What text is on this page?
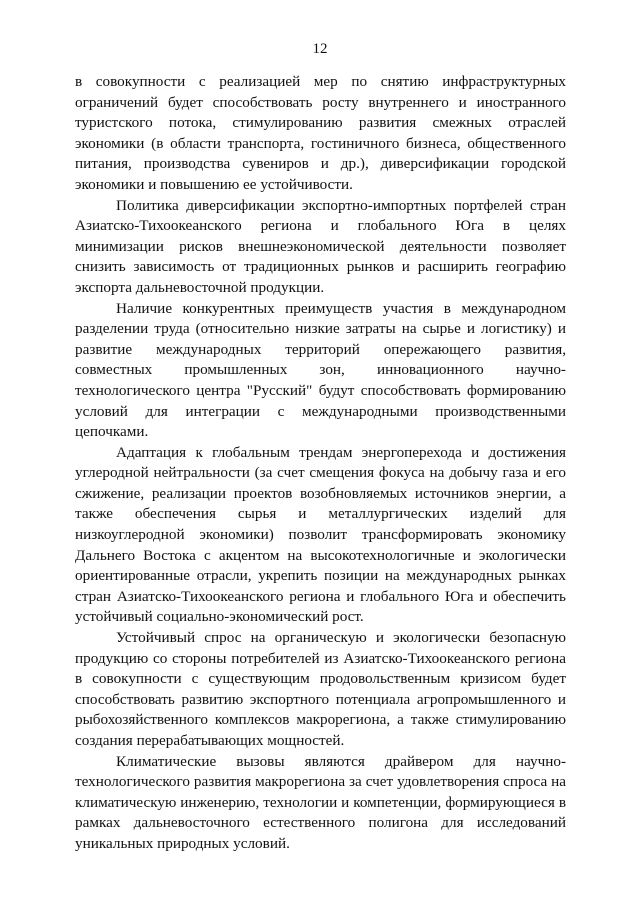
12

в совокупности с реализацией мер по снятию инфраструктурных ограничений будет способствовать росту внутреннего и иностранного туристского потока, стимулированию развития смежных отраслей экономики (в области транспорта, гостиничного бизнеса, общественного питания, производства сувениров и др.), диверсификации городской экономики и повышению ее устойчивости.

Политика диверсификации экспортно-импортных портфелей стран Азиатско-Тихоокеанского региона и глобального Юга в целях минимизации рисков внешнеэкономической деятельности позволяет снизить зависимость от традиционных рынков и расширить географию экспорта дальневосточной продукции.

Наличие конкурентных преимуществ участия в международном разделении труда (относительно низкие затраты на сырье и логистику) и развитие международных территорий опережающего развития, совместных промышленных зон, инновационного научно-технологического центра "Русский" будут способствовать формированию условий для интеграции с международными производственными цепочками.

Адаптация к глобальным трендам энергоперехода и достижения углеродной нейтральности (за счет смещения фокуса на добычу газа и его сжижение, реализации проектов возобновляемых источников энергии, а также обеспечения сырья и металлургических изделий для низкоуглеродной экономики) позволит трансформировать экономику Дальнего Востока с акцентом на высокотехнологичные и экологически ориентированные отрасли, укрепить позиции на международных рынках стран Азиатско-Тихоокеанского региона и глобального Юга и обеспечить устойчивый социально-экономический рост.

Устойчивый спрос на органическую и экологически безопасную продукцию со стороны потребителей из Азиатско-Тихоокеанского региона в совокупности с существующим продовольственным кризисом будет способствовать развитию экспортного потенциала агропромышленного и рыбохозяйственного комплексов макрорегиона, а также стимулированию создания перерабатывающих мощностей.

Климатические вызовы являются драйвером для научно-технологического развития макрорегиона за счет удовлетворения спроса на климатическую инженерию, технологии и компетенции, формирующиеся в рамках дальневосточного естественного полигона для исследований уникальных природных условий.
